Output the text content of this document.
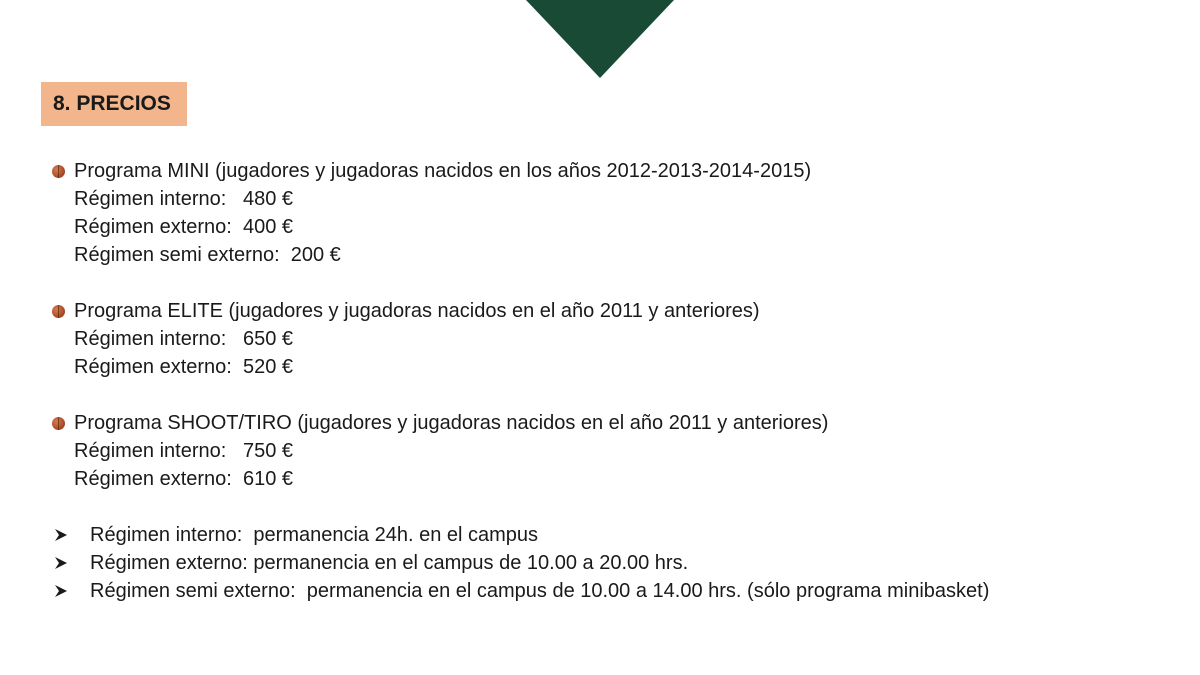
8. PRECIOS
Programa MINI (jugadores y jugadoras nacidos en los años 2012-2013-2014-2015)
Régimen interno:   480 €
Régimen externo:  400 €
Régimen semi externo:  200 €
Programa ELITE (jugadores y jugadoras nacidos en el año 2011 y anteriores)
Régimen interno:   650 €
Régimen externo:  520 €
Programa SHOOT/TIRO (jugadores y jugadoras nacidos en el año 2011 y anteriores)
Régimen interno:   750 €
Régimen externo:  610 €
Régimen interno:  permanencia 24h. en el campus
Régimen externo: permanencia en el campus de 10.00 a 20.00 hrs.
Régimen semi externo:  permanencia en el campus de 10.00 a 14.00 hrs. (sólo programa minibasket)
